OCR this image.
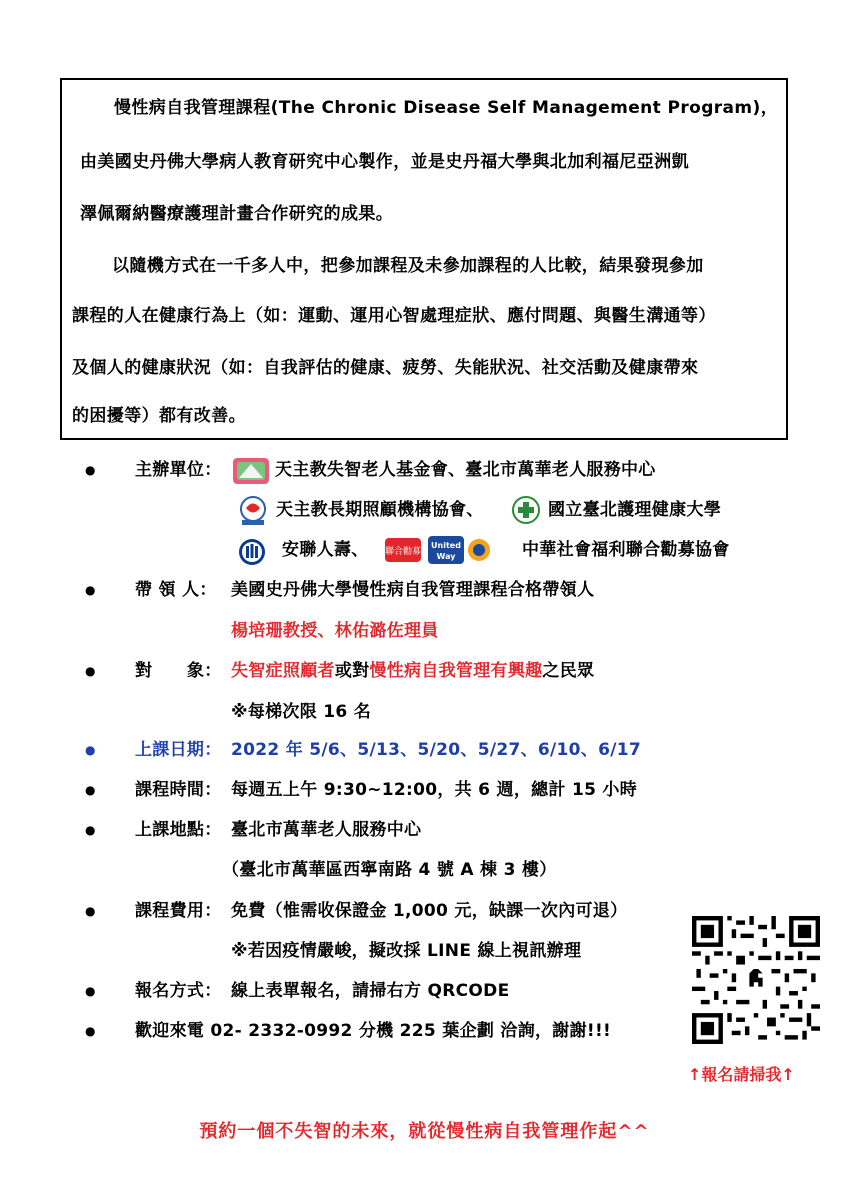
慢性病自我管理課程(The Chronic Disease Self Management Program)，
由美國史丹佛大學病人教育研究中心製作，並是史丹福大學與北加利福尼亞洲凱
澤佩爾納醫療護理計畫合作研究的成果。
以隨機方式在一千多人中，把參加課程及未參加課程的人比較，結果發現參加
課程的人在健康行為上（如：運動、運用心智處理症狀、應付問題、與醫生溝通等）
及個人的健康狀況（如：自我評估的健康、疲勞、失能狀況、社交活動及健康帶來
的困擾等）都有改善。
● 主辦單位：	天主教失智老人基金會、臺北市萬華老人服務中心
天主教長期照顧機構協會、	國立臺北護理健康大學
安聯人壽、 聯合勸募
United
Way	中華社會福利聯合勸募協會
● 帶 領 人： 美國史丹佛大學慢性病自我管理課程合格帶領人
楊培珊教授、林佑潞佐理員
● 對　　象： 失智症照顧者或對慢性病自我管理有興趣之民眾
※每梯次限 16 名
● 上課日期： 2022 年 5/6、5/13、5/20、5/27、6/10、6/17
● 課程時間： 每週五上午 9:30~12:00，共 6 週，總計 15 小時
● 上課地點： 臺北市萬華老人服務中心
（臺北市萬華區西寧南路 4 號 A 棟 3 樓）
● 課程費用： 免費（惟需收保證金 1,000 元，缺課一次內可退）
※若因疫情嚴峻，擬改採 LINE 線上視訊辦理
● 報名方式： 線上表單報名，請掃右方 QRCODE
● 歡迎來電 02- 2332-0992 分機 225 葉企劃 洽詢，謝謝!!!
↑報名請掃我↑
預約一個不失智的未來，就從慢性病自我管理作起^^
